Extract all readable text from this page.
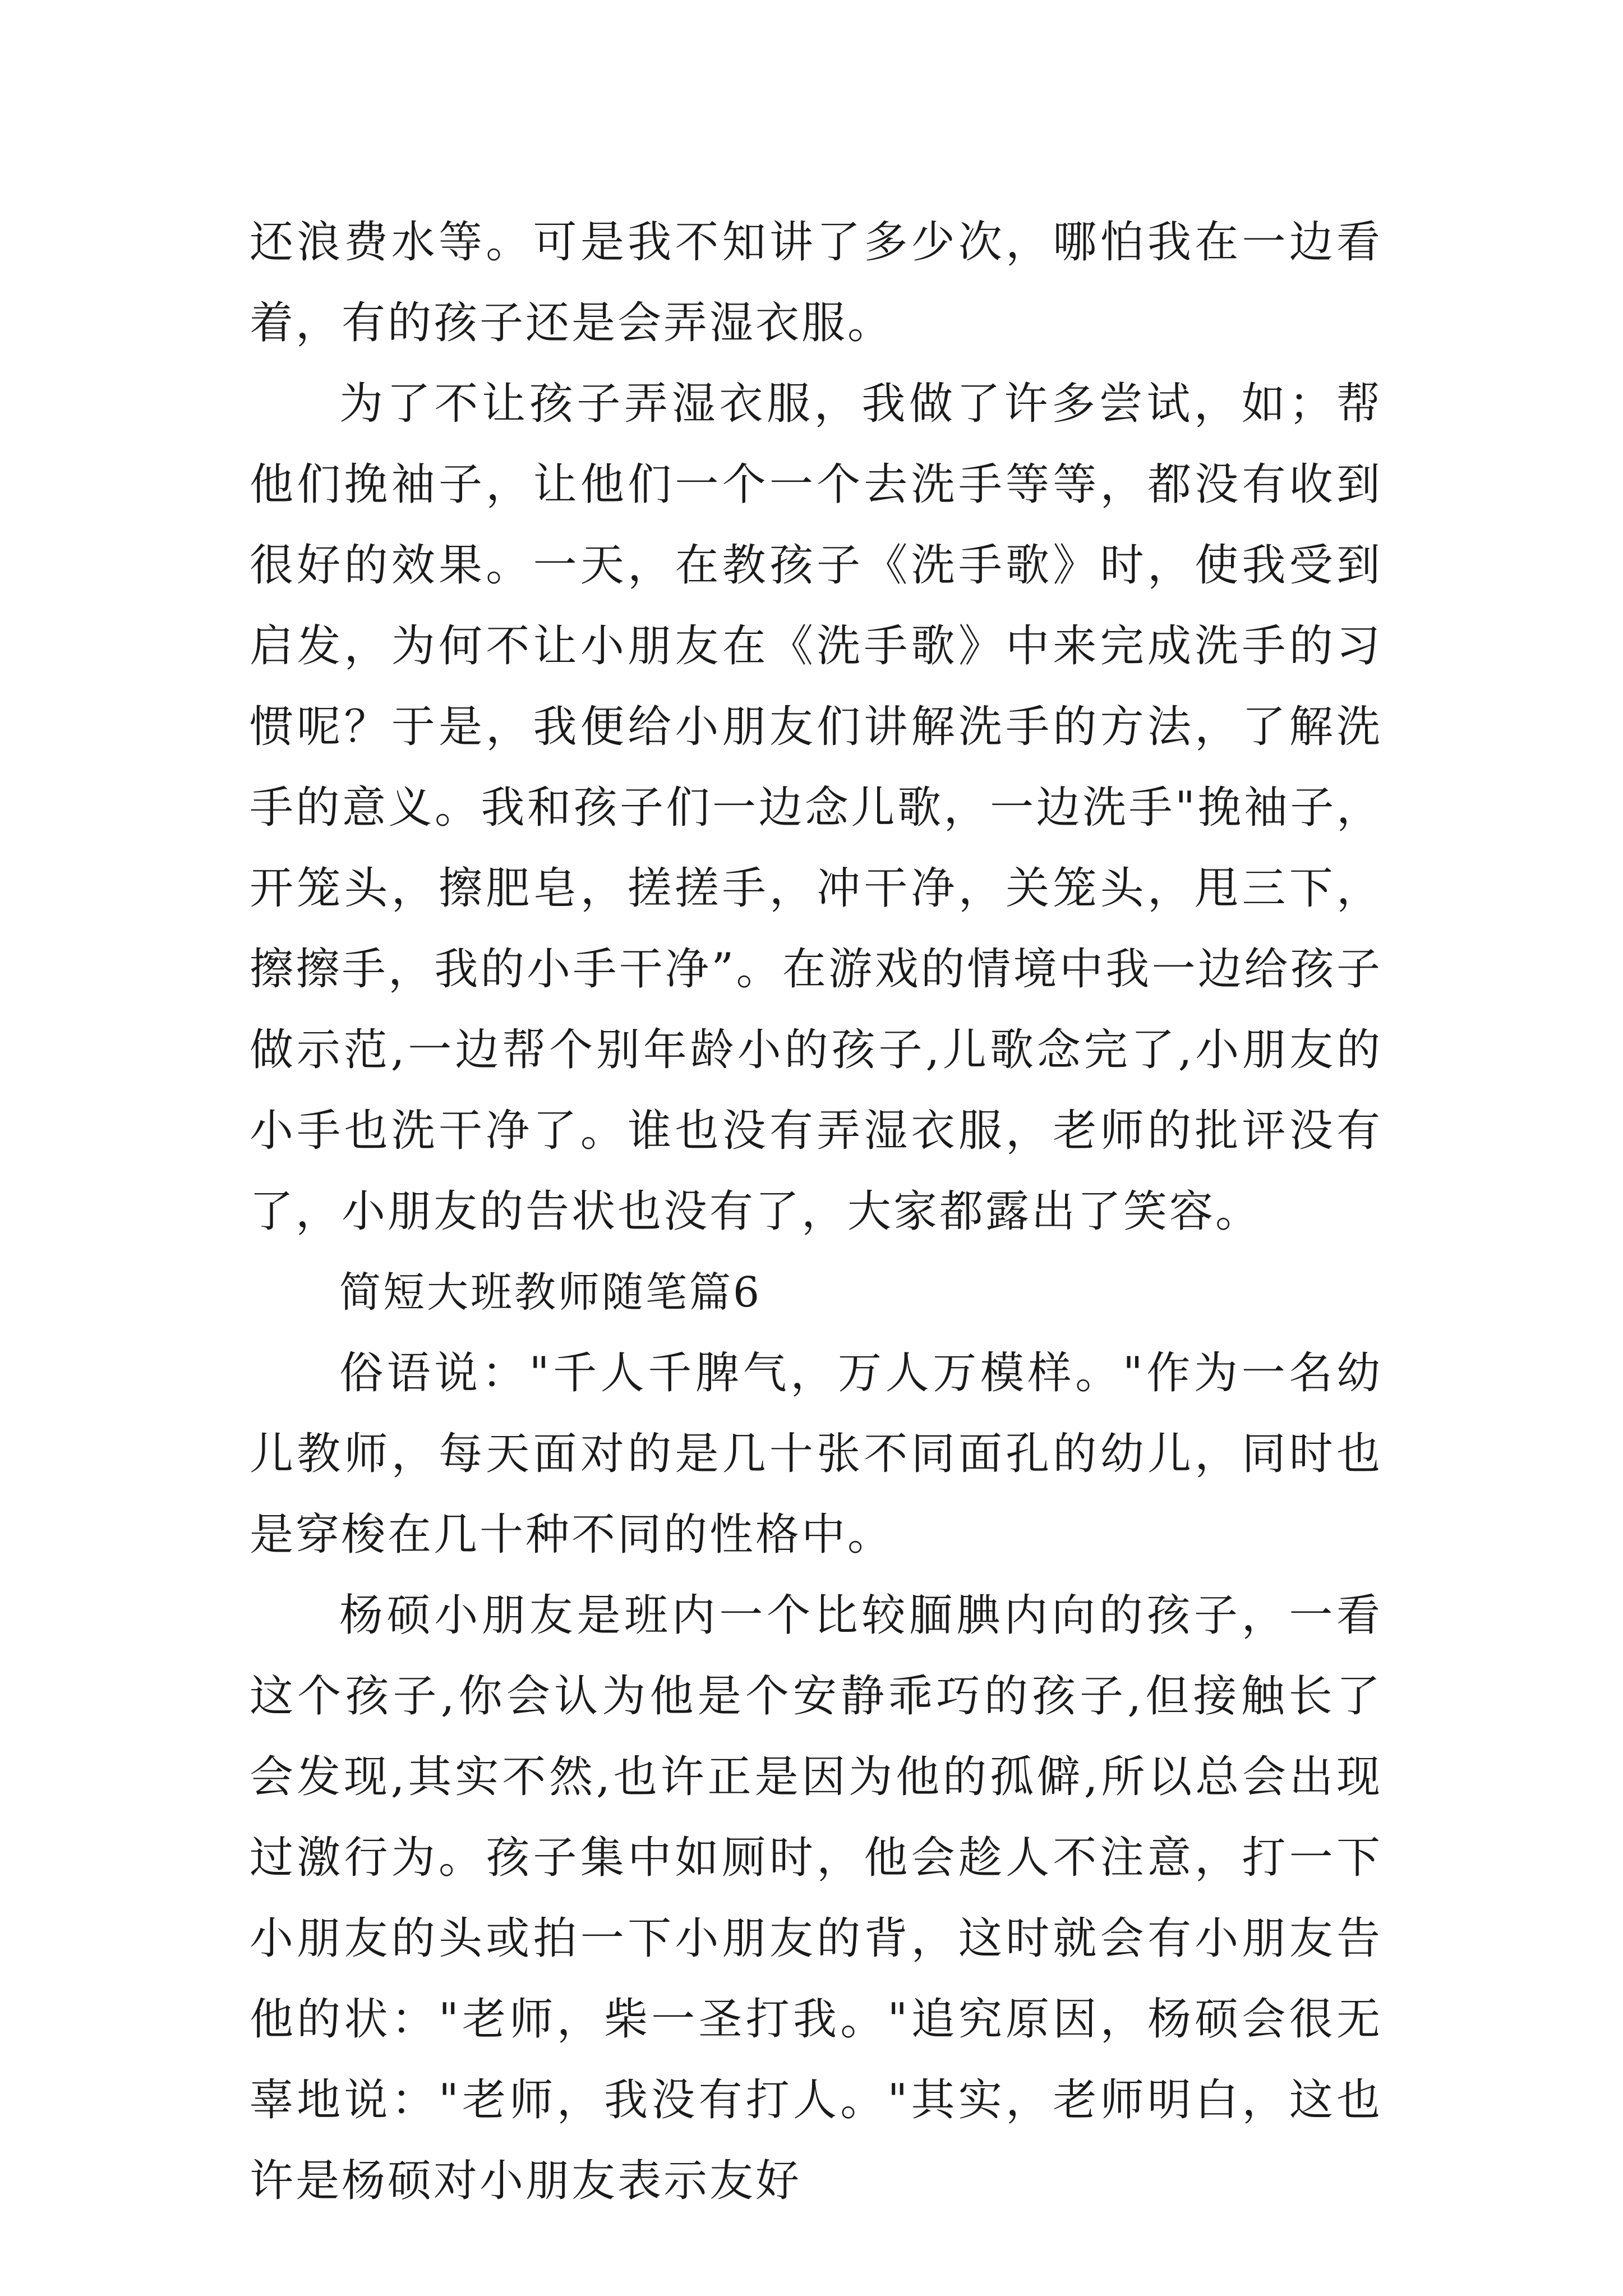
还浪费水等。可是我不知讲了多少次，哪怕我在一边看着，有的孩子还是会弄湿衣服。

为了不让孩子弄湿衣服，我做了许多尝试，如；帮他们挽袖子，让他们一个一个去洗手等等，都没有收到很好的效果。一天，在教孩子《洗手歌》时，使我受到启发，为何不让小朋友在《洗手歌》中来完成洗手的习惯呢？于是，我便给小朋友们讲解洗手的方法，了解洗手的意义。我和孩子们一边念儿歌，一边洗手"挽袖子，开笼头，擦肥皂，搓搓手，冲干净，关笼头，甩三下，擦擦手，我的小手干净”。在游戏的情境中我一边给孩子做示范,一边帮个别年龄小的孩子,儿歌念完了,小朋友的小手也洗干净了。谁也没有弄湿衣服，老师的批评没有了，小朋友的告状也没有了，大家都露出了笑容。

简短大班教师随笔篇6

俗语说："千人千脾气，万人万模样。"作为一名幼儿教师，每天面对的是几十张不同面孔的幼儿，同时也是穿梭在几十种不同的性格中。

杨硕小朋友是班内一个比较腼腆内向的孩子，一看这个孩子,你会认为他是个安静乖巧的孩子,但接触长了会发现,其实不然,也许正是因为他的孤僻,所以总会出现过激行为。孩子集中如厕时，他会趁人不注意，打一下小朋友的头或拍一下小朋友的背，这时就会有小朋友告他的状："老师，柴一圣打我。"追究原因，杨硕会很无辜地说："老师，我没有打人。"其实，老师明白，这也许是杨硕对小朋友表示友好
